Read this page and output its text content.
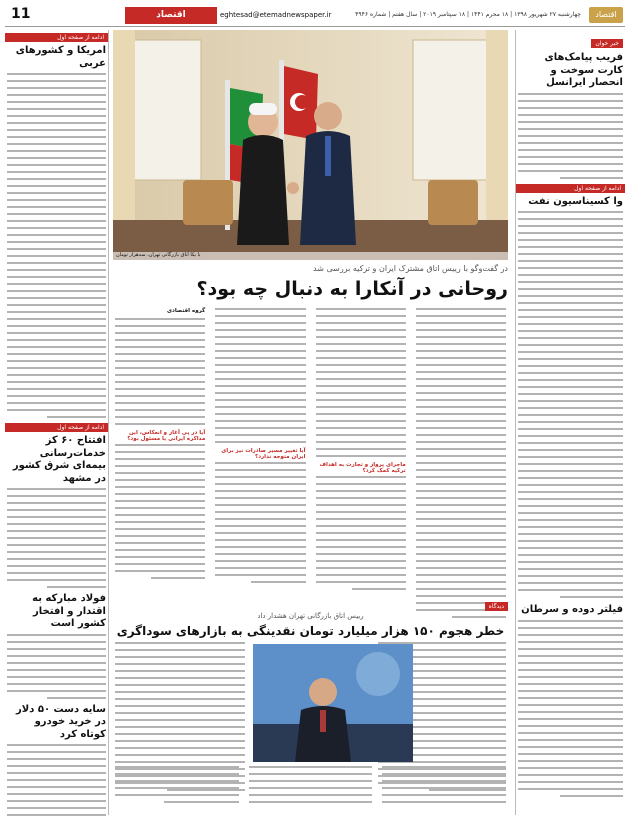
اقتصاد
چهارشنبه ۲۷ شهریور ۱۳۹۸ | ۱۸ محرم ۱۴۴۱ | ۱۸ سپتامبر ۲۰۱۹ | سال هفتم | شماره ۴۹۴۶
eghtesad@etemadnewspaper.ir
اقتصاد
11
خبر خوان
فریب پیامک‌های کارت سوخت و انحصار ایرانسل
ادامه از صفحه اول
وا کسیناسیون نفت
فیلتر دوده و سرطان
ادامه از صفحه اول
امریکا و کشورهای عربی
ادامه از صفحه اول
افتتاح ۶۰ کز خدمات‌رسانی بیمه‌ای شرق کشور در مشهد
فولاد مبارکه به اقتدار و افتخار کشور است
سایه‌ دست ۵۰ دلار در خرید خودرو کوتاه کرد
با یکا اتاق بازرگانی تهران، سه‌هزار تومان
در گفت‌وگو با رییس اتاق مشترک ایران و ترکیه بررسی شد
روحانی در آنکارا به دنبال چه بود؟
ماجرای پرواز و تجارت به اهداف ترکیه کمک کرد؟
آیا تغییر مسیر صادرات نیز برای ایران متوجه ندارد؟
گروه اقتصادی
آیا در پی آغاز و انعکاس، این مذاکره ایرانی یا مسئول بود؟
دیدگاه
رییس اتاق بازرگانی تهران هشدار داد
خطر هجوم ۱۵۰ هزار میلیارد تومان نقدینگی به بازارهای سوداگری
